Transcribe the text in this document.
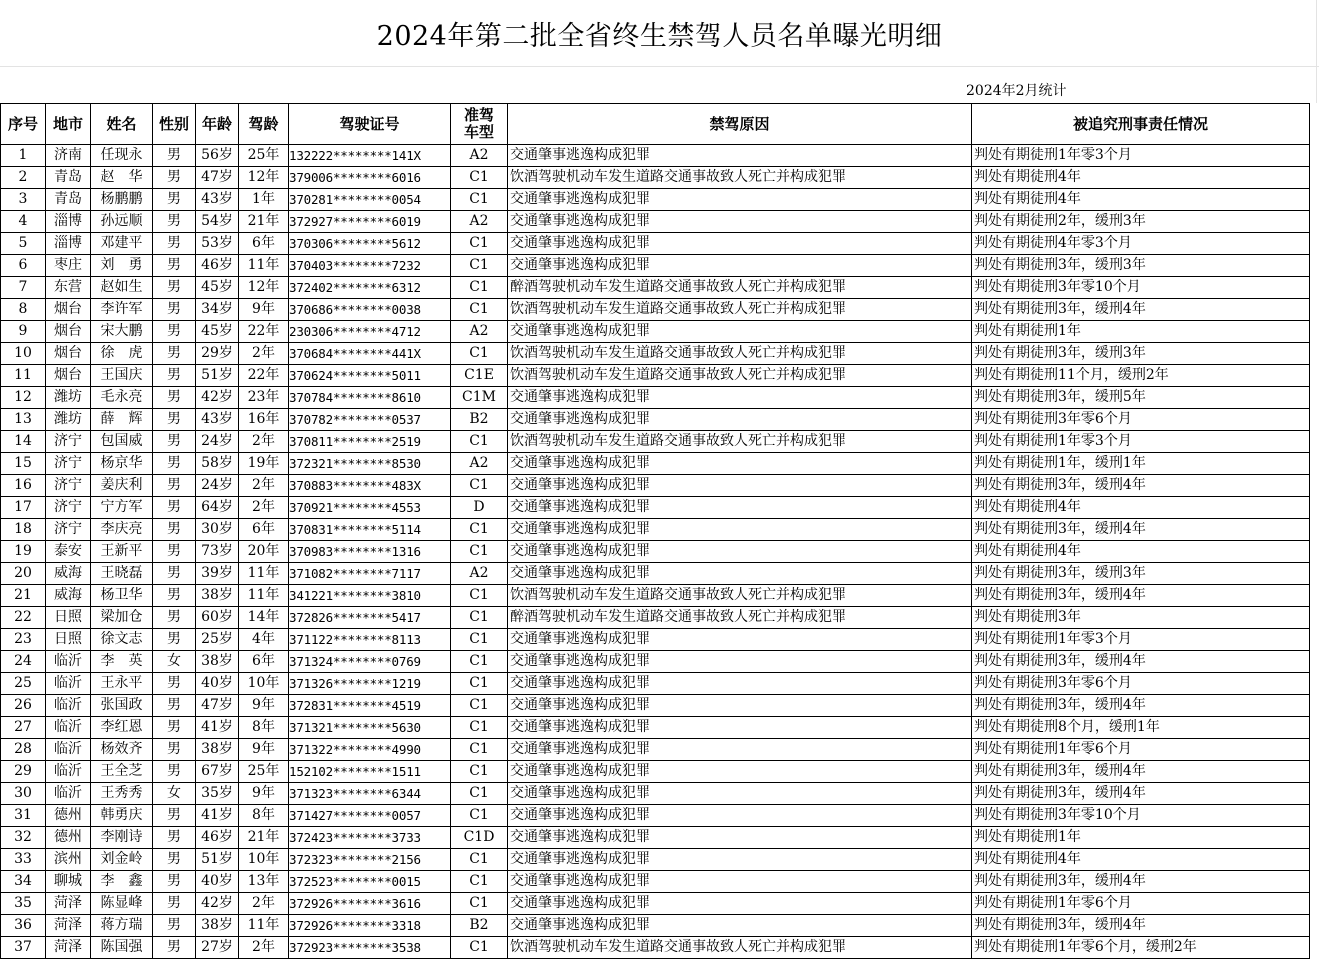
2024年第二批全省终生禁驾人员名单曝光明细
2024年2月统计
序号	地市	姓名	性别	年龄	驾龄	驾驶证号	准驾车型	禁驾原因	被追究刑事责任情况
1	济南	任现永	男	56岁	25年	132222********141X	A2	交通肇事逃逸构成犯罪	判处有期徒刑1年零3个月
2	青岛	赵　华	男	47岁	12年	379006********6016	C1	饮酒驾驶机动车发生道路交通事故致人死亡并构成犯罪	判处有期徒刑4年
3	青岛	杨鹏鹏	男	43岁	1年	370281********0054	C1	交通肇事逃逸构成犯罪	判处有期徒刑4年
4	淄博	孙远顺	男	54岁	21年	372927********6019	A2	交通肇事逃逸构成犯罪	判处有期徒刑2年，缓刑3年
5	淄博	邓建平	男	53岁	6年	370306********5612	C1	交通肇事逃逸构成犯罪	判处有期徒刑4年零3个月
6	枣庄	刘　勇	男	46岁	11年	370403********7232	C1	交通肇事逃逸构成犯罪	判处有期徒刑3年，缓刑3年
7	东营	赵如生	男	45岁	12年	372402********6312	C1	醉酒驾驶机动车发生道路交通事故致人死亡并构成犯罪	判处有期徒刑3年零10个月
8	烟台	李许军	男	34岁	9年	370686********0038	C1	饮酒驾驶机动车发生道路交通事故致人死亡并构成犯罪	判处有期徒刑3年，缓刑4年
9	烟台	宋大鹏	男	45岁	22年	230306********4712	A2	交通肇事逃逸构成犯罪	判处有期徒刑1年
10	烟台	徐　虎	男	29岁	2年	370684********441X	C1	饮酒驾驶机动车发生道路交通事故致人死亡并构成犯罪	判处有期徒刑3年，缓刑3年
11	烟台	王国庆	男	51岁	22年	370624********5011	C1E	饮酒驾驶机动车发生道路交通事故致人死亡并构成犯罪	判处有期徒刑11个月，缓刑2年
12	潍坊	毛永亮	男	42岁	23年	370784********8610	C1M	交通肇事逃逸构成犯罪	判处有期徒刑3年，缓刑5年
13	潍坊	薛　辉	男	43岁	16年	370782********0537	B2	交通肇事逃逸构成犯罪	判处有期徒刑3年零6个月
14	济宁	包国威	男	24岁	2年	370811********2519	C1	饮酒驾驶机动车发生道路交通事故致人死亡并构成犯罪	判处有期徒刑1年零3个月
15	济宁	杨京华	男	58岁	19年	372321********8530	A2	交通肇事逃逸构成犯罪	判处有期徒刑1年，缓刑1年
16	济宁	姜庆利	男	24岁	2年	370883********483X	C1	交通肇事逃逸构成犯罪	判处有期徒刑3年，缓刑4年
17	济宁	宁方军	男	64岁	2年	370921********4553	D	交通肇事逃逸构成犯罪	判处有期徒刑4年
18	济宁	李庆亮	男	30岁	6年	370831********5114	C1	交通肇事逃逸构成犯罪	判处有期徒刑3年，缓刑4年
19	泰安	王新平	男	73岁	20年	370983********1316	C1	交通肇事逃逸构成犯罪	判处有期徒刑4年
20	威海	王晓磊	男	39岁	11年	371082********7117	A2	交通肇事逃逸构成犯罪	判处有期徒刑3年，缓刑3年
21	威海	杨卫华	男	38岁	11年	341221********3810	C1	饮酒驾驶机动车发生道路交通事故致人死亡并构成犯罪	判处有期徒刑3年，缓刑4年
22	日照	梁加仓	男	60岁	14年	372826********5417	C1	醉酒驾驶机动车发生道路交通事故致人死亡并构成犯罪	判处有期徒刑3年
23	日照	徐文志	男	25岁	4年	371122********8113	C1	交通肇事逃逸构成犯罪	判处有期徒刑1年零3个月
24	临沂	李　英	女	38岁	6年	371324********0769	C1	交通肇事逃逸构成犯罪	判处有期徒刑3年，缓刑4年
25	临沂	王永平	男	40岁	10年	371326********1219	C1	交通肇事逃逸构成犯罪	判处有期徒刑3年零6个月
26	临沂	张国政	男	47岁	9年	372831********4519	C1	交通肇事逃逸构成犯罪	判处有期徒刑3年，缓刑4年
27	临沂	李红恩	男	41岁	8年	371321********5630	C1	交通肇事逃逸构成犯罪	判处有期徒刑8个月，缓刑1年
28	临沂	杨效齐	男	38岁	9年	371322********4990	C1	交通肇事逃逸构成犯罪	判处有期徒刑1年零6个月
29	临沂	王全芝	男	67岁	25年	152102********1511	C1	交通肇事逃逸构成犯罪	判处有期徒刑3年，缓刑4年
30	临沂	王秀秀	女	35岁	9年	371323********6344	C1	交通肇事逃逸构成犯罪	判处有期徒刑3年，缓刑4年
31	德州	韩勇庆	男	41岁	8年	371427********0057	C1	交通肇事逃逸构成犯罪	判处有期徒刑3年零10个月
32	德州	李刚诗	男	46岁	21年	372423********3733	C1D	交通肇事逃逸构成犯罪	判处有期徒刑1年
33	滨州	刘金岭	男	51岁	10年	372323********2156	C1	交通肇事逃逸构成犯罪	判处有期徒刑4年
34	聊城	李　鑫	男	40岁	13年	372523********0015	C1	交通肇事逃逸构成犯罪	判处有期徒刑3年，缓刑4年
35	菏泽	陈显峰	男	42岁	2年	372926********3616	C1	交通肇事逃逸构成犯罪	判处有期徒刑1年零6个月
36	菏泽	蒋方瑞	男	38岁	11年	372926********3318	B2	交通肇事逃逸构成犯罪	判处有期徒刑3年，缓刑4年
37	菏泽	陈国强	男	27岁	2年	372923********3538	C1	饮酒驾驶机动车发生道路交通事故致人死亡并构成犯罪	判处有期徒刑1年零6个月，缓刑2年
